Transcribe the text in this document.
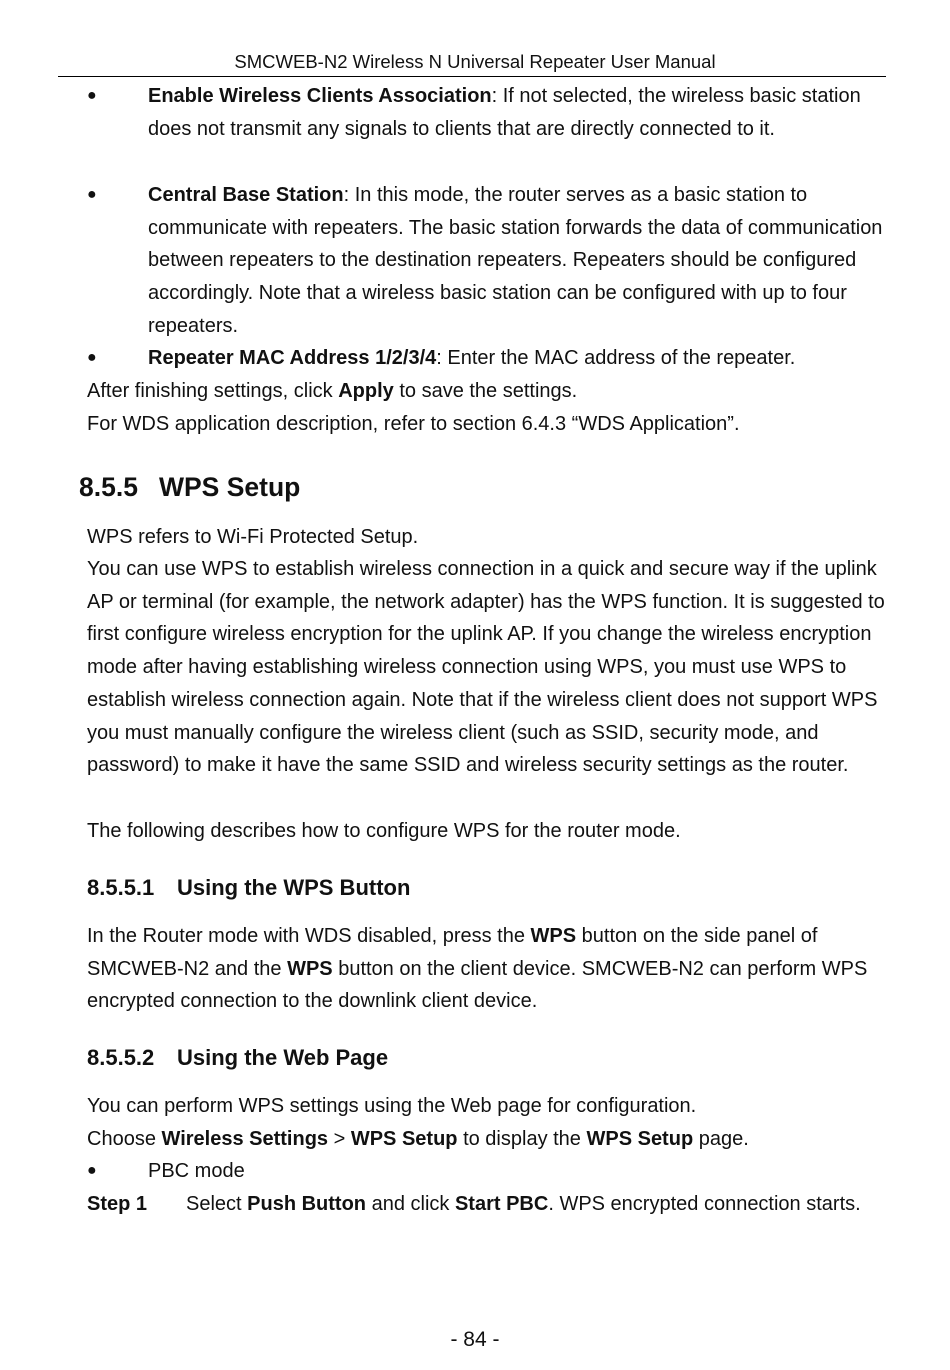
SMCWEB-N2 Wireless N Universal Repeater User Manual
●	Enable Wireless Clients Association: If not selected, the wireless basic station does not transmit any signals to clients that are directly connected to it.
●	Central Base Station: In this mode, the router serves as a basic station to communicate with repeaters. The basic station forwards the data of communication between repeaters to the destination repeaters. Repeaters should be configured accordingly. Note that a wireless basic station can be configured with up to four repeaters.
●	Repeater MAC Address 1/2/3/4: Enter the MAC address of the repeater.
After finishing settings, click Apply to save the settings.
For WDS application description, refer to section 6.4.3 “WDS Application”.
8.5.5 WPS Setup
WPS refers to Wi-Fi Protected Setup.
You can use WPS to establish wireless connection in a quick and secure way if the uplink AP or terminal (for example, the network adapter) has the WPS function. It is suggested to first configure wireless encryption for the uplink AP. If you change the wireless encryption mode after having establishing wireless connection using WPS, you must use WPS to establish wireless connection again. Note that if the wireless client does not support WPS you must manually configure the wireless client (such as SSID, security mode, and password) to make it have the same SSID and wireless security settings as the router.
The following describes how to configure WPS for the router mode.
8.5.5.1 Using the WPS Button
In the Router mode with WDS disabled, press the WPS button on the side panel of SMCWEB-N2 and the WPS button on the client device. SMCWEB-N2 can perform WPS encrypted connection to the downlink client device.
8.5.5.2 Using the Web Page
You can perform WPS settings using the Web page for configuration.
Choose Wireless Settings > WPS Setup to display the WPS Setup page.
●	PBC mode
Step 1 Select Push Button and click Start PBC. WPS encrypted connection starts.
- 84 -
